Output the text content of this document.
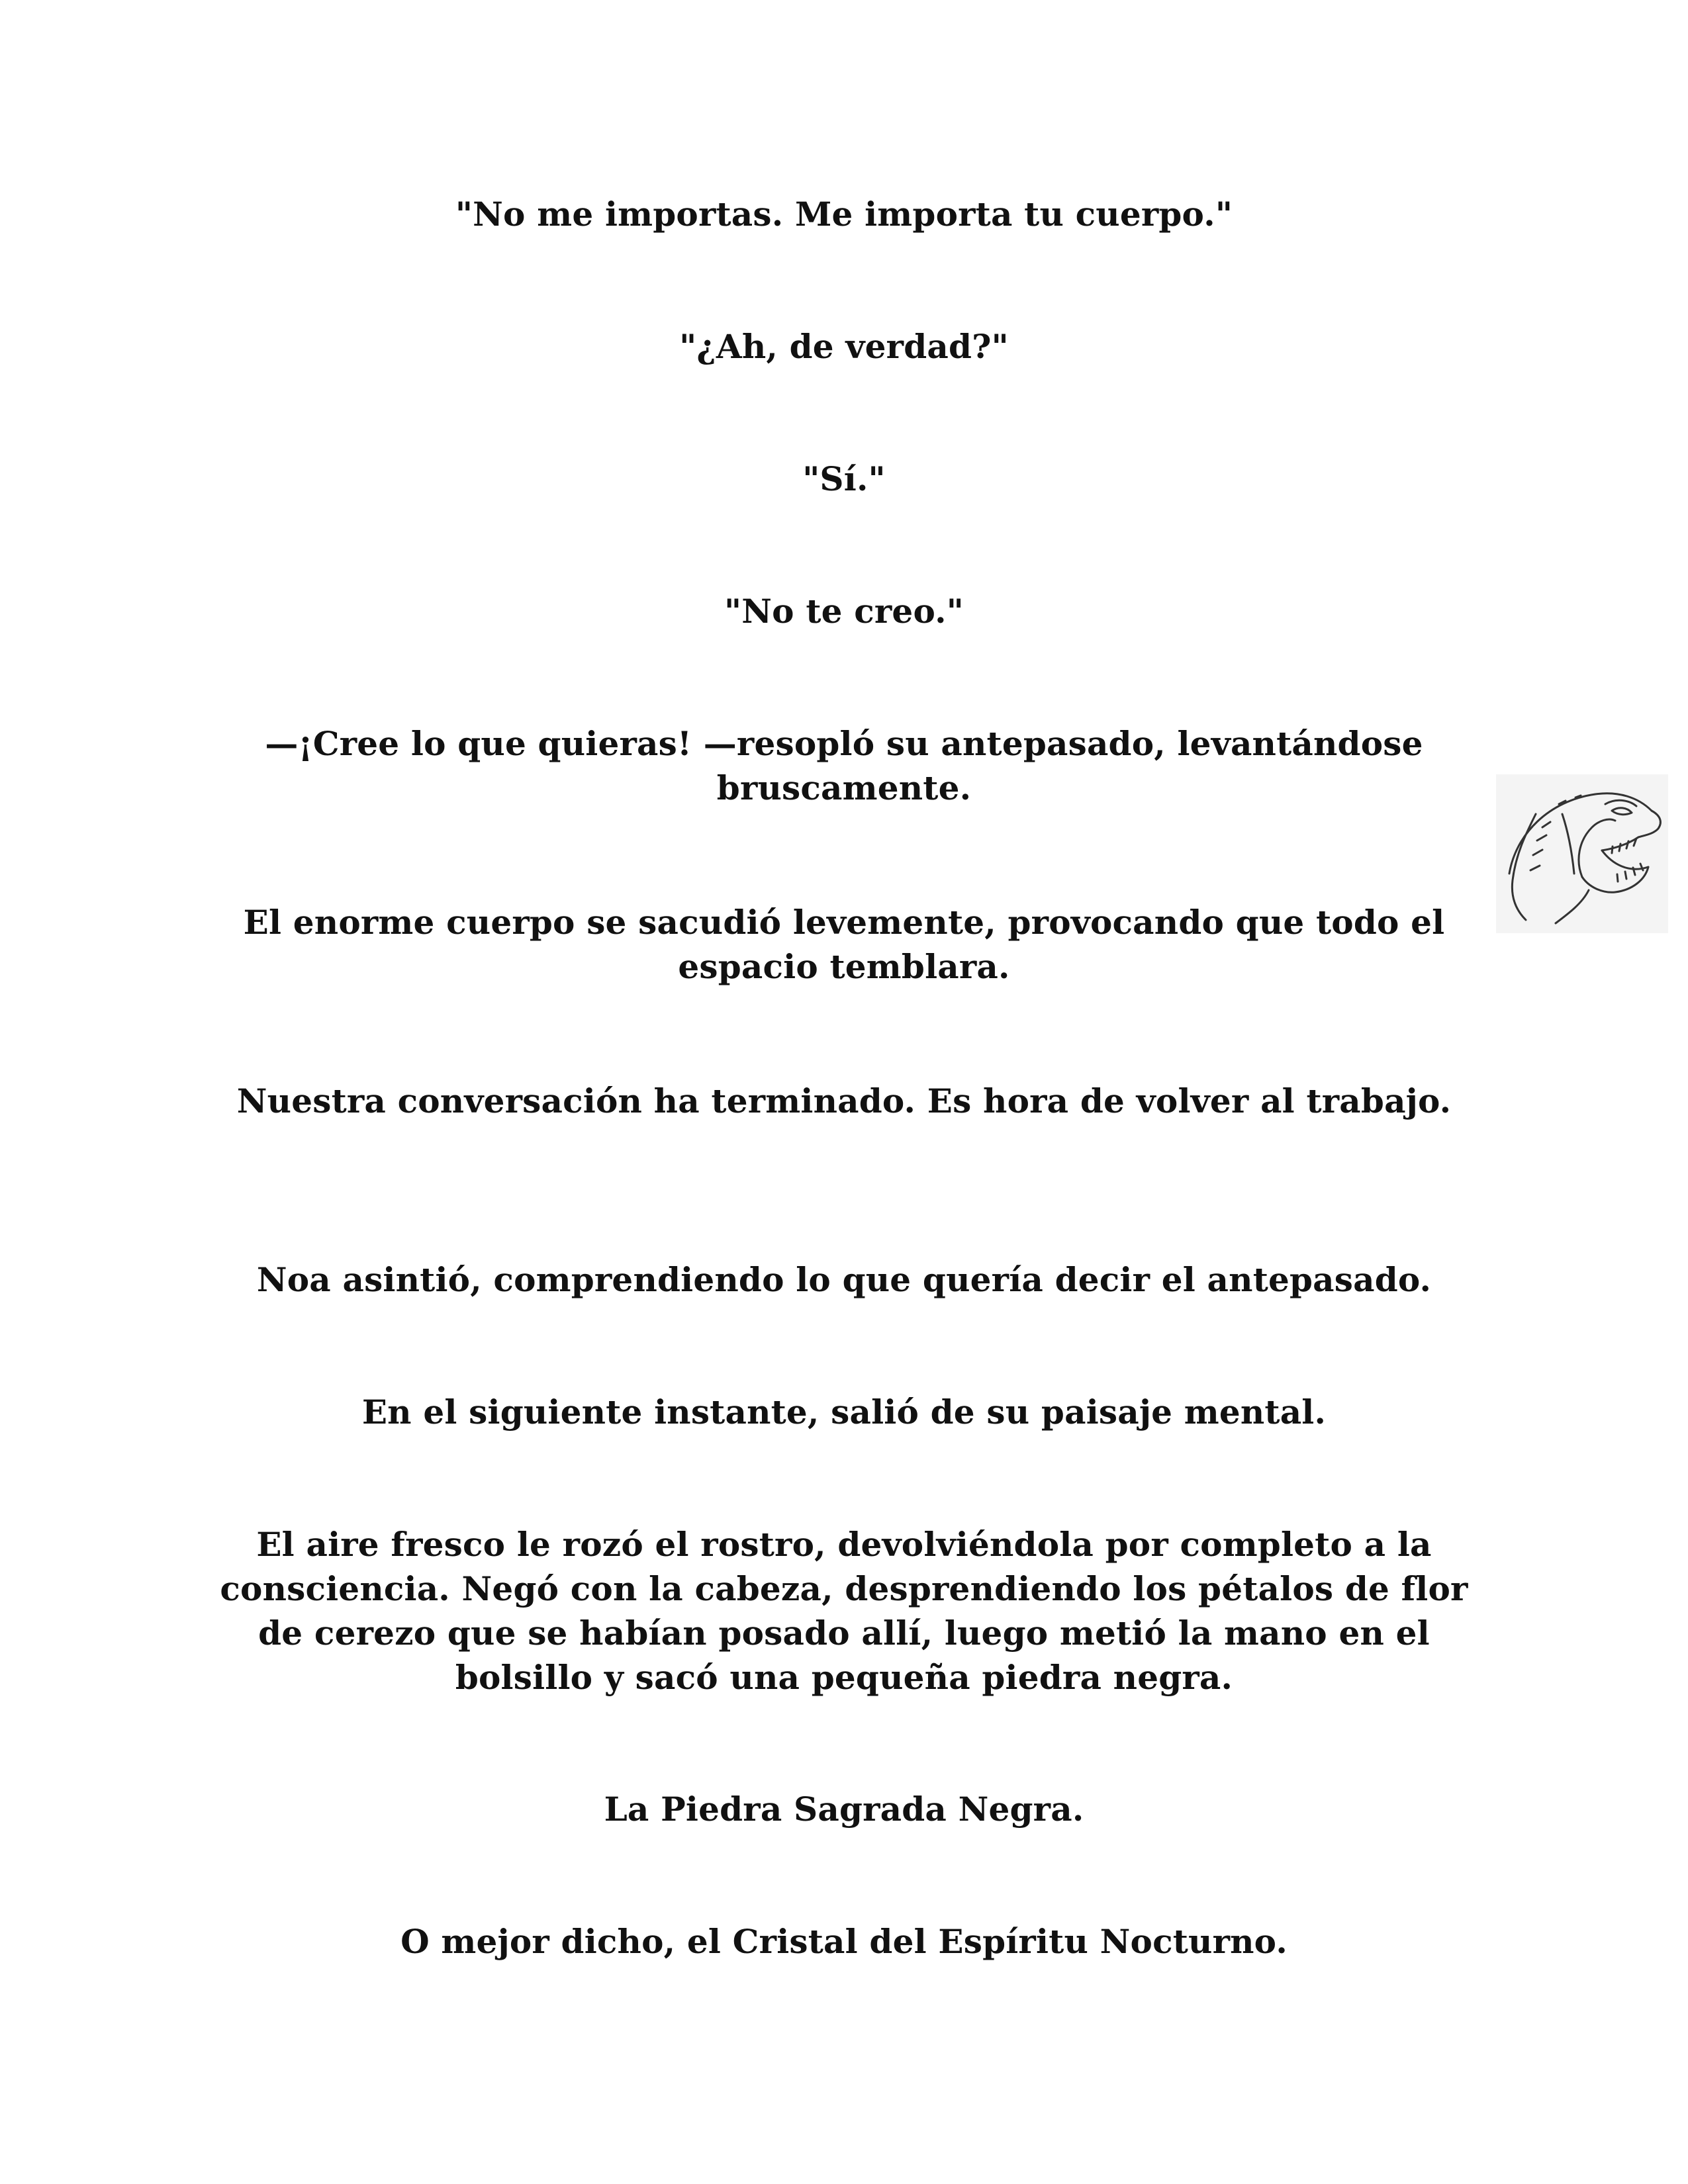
"No me importas. Me importa tu cuerpo."

"¿Ah, de verdad?"

"Sí."

"No te creo."

—¡Cree lo que quieras! —resopló su antepasado, levantándose bruscamente.

El enorme cuerpo se sacudió levemente, provocando que todo el espacio temblara.

Nuestra conversación ha terminado. Es hora de volver al trabajo.

Noa asintió, comprendiendo lo que quería decir el antepasado.

En el siguiente instante, salió de su paisaje mental.

El aire fresco le rozó el rostro, devolviéndola por completo a la consciencia. Negó con la cabeza, desprendiendo los pétalos de flor de cerezo que se habían posado allí, luego metió la mano en el bolsillo y sacó una pequeña piedra negra.

La Piedra Sagrada Negra.

O mejor dicho, el Cristal del Espíritu Nocturno.
